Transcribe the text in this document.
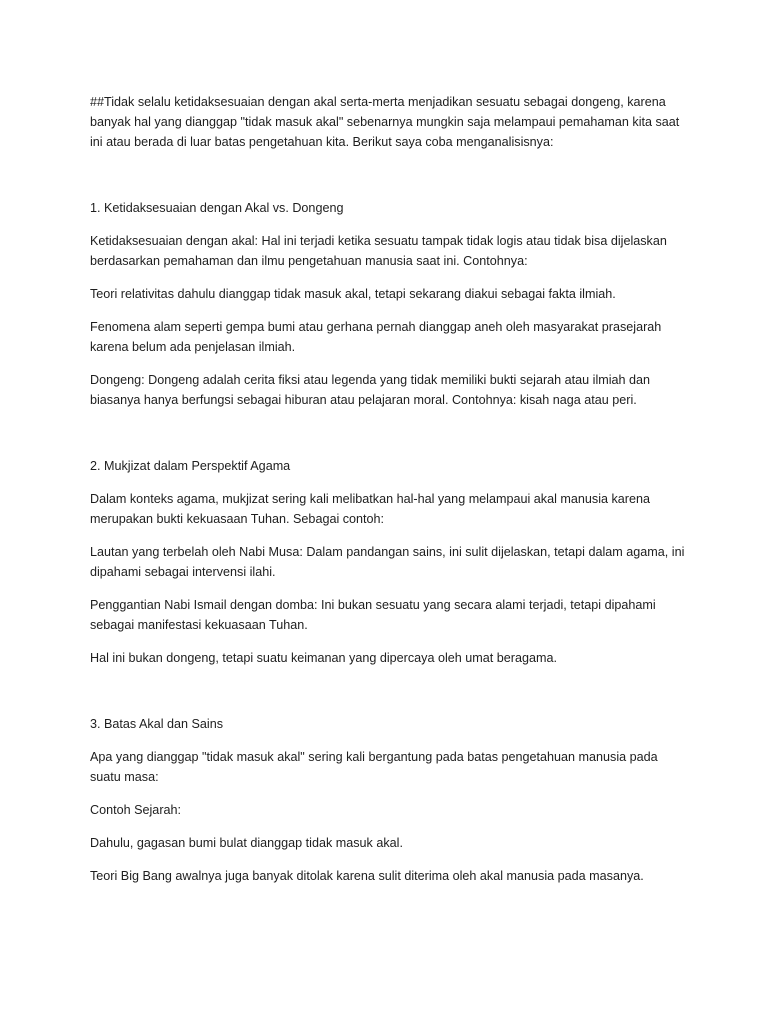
##Tidak selalu ketidaksesuaian dengan akal serta-merta menjadikan sesuatu sebagai dongeng, karena banyak hal yang dianggap "tidak masuk akal" sebenarnya mungkin saja melampaui pemahaman kita saat ini atau berada di luar batas pengetahuan kita. Berikut saya coba menganalisisnya:

1. Ketidaksesuaian dengan Akal vs. Dongeng

Ketidaksesuaian dengan akal: Hal ini terjadi ketika sesuatu tampak tidak logis atau tidak bisa dijelaskan berdasarkan pemahaman dan ilmu pengetahuan manusia saat ini. Contohnya:

Teori relativitas dahulu dianggap tidak masuk akal, tetapi sekarang diakui sebagai fakta ilmiah.

Fenomena alam seperti gempa bumi atau gerhana pernah dianggap aneh oleh masyarakat prasejarah karena belum ada penjelasan ilmiah.

Dongeng: Dongeng adalah cerita fiksi atau legenda yang tidak memiliki bukti sejarah atau ilmiah dan biasanya hanya berfungsi sebagai hiburan atau pelajaran moral. Contohnya: kisah naga atau peri.

2. Mukjizat dalam Perspektif Agama

Dalam konteks agama, mukjizat sering kali melibatkan hal-hal yang melampaui akal manusia karena merupakan bukti kekuasaan Tuhan. Sebagai contoh:

Lautan yang terbelah oleh Nabi Musa: Dalam pandangan sains, ini sulit dijelaskan, tetapi dalam agama, ini dipahami sebagai intervensi ilahi.

Penggantian Nabi Ismail dengan domba: Ini bukan sesuatu yang secara alami terjadi, tetapi dipahami sebagai manifestasi kekuasaan Tuhan.

Hal ini bukan dongeng, tetapi suatu keimanan yang dipercaya oleh umat beragama.

3. Batas Akal dan Sains

Apa yang dianggap "tidak masuk akal" sering kali bergantung pada batas pengetahuan manusia pada suatu masa:

Contoh Sejarah:

Dahulu, gagasan bumi bulat dianggap tidak masuk akal.

Teori Big Bang awalnya juga banyak ditolak karena sulit diterima oleh akal manusia pada masanya.
